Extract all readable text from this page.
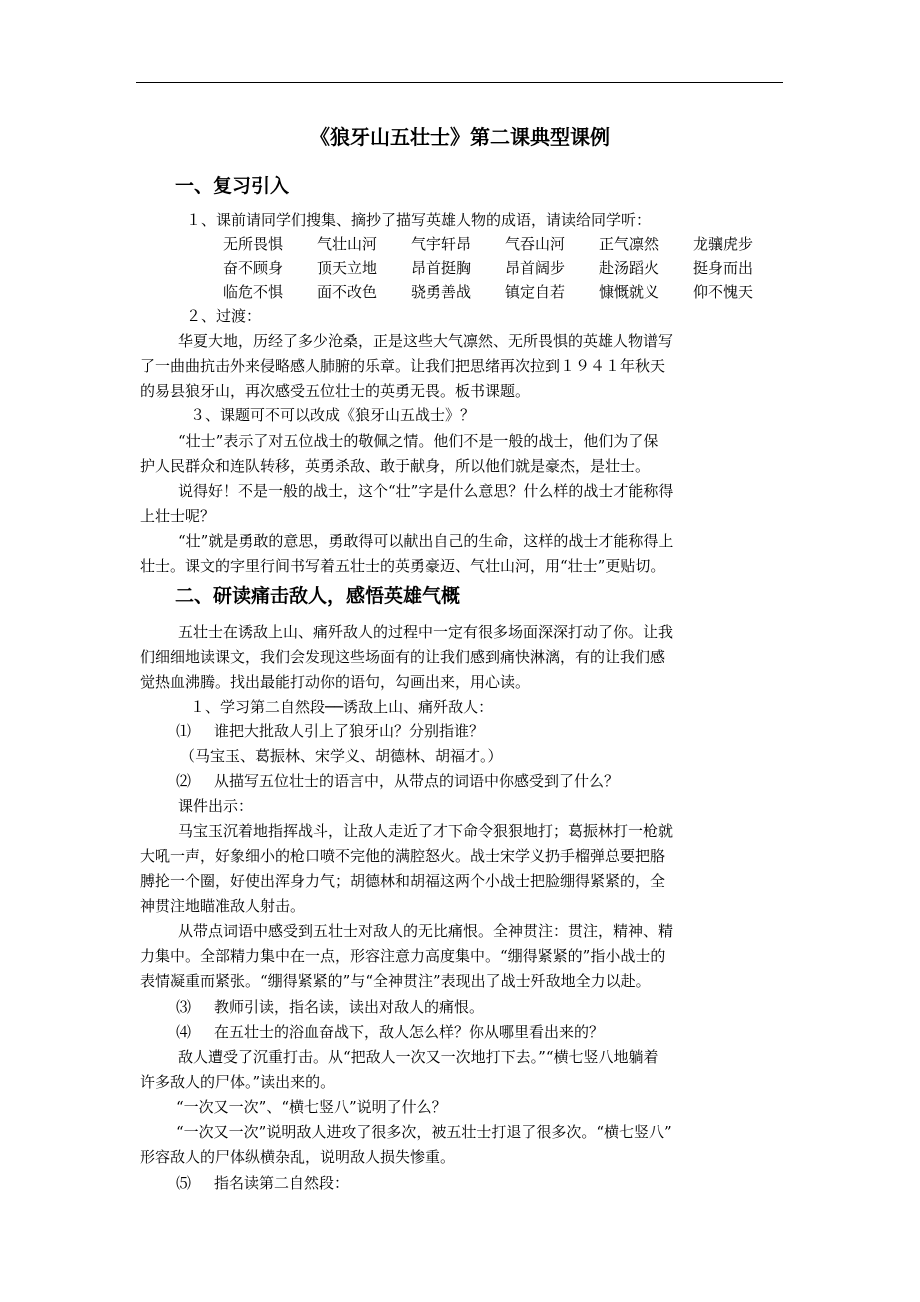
《狼牙山五壮士》第二课典型课例
一、复习引入
１、课前请同学们搜集、摘抄了描写英雄人物的成语，请读给同学听：
无所畏惧 气壮山河 气宇轩昂 气吞山河 正气凛然 龙骧虎步
奋不顾身 顶天立地 昂首挺胸 昂首阔步 赴汤蹈火 挺身而出
临危不惧 面不改色 骁勇善战 镇定自若 慷慨就义 仰不愧天
２、过渡：
华夏大地，历经了多少沧桑，正是这些大气凛然、无所畏惧的英雄人物谱写
了一曲曲抗击外来侵略感人肺腑的乐章。让我们把思绪再次拉到１９４１年秋天
的易县狼牙山，再次感受五位壮士的英勇无畏。板书课题。
３、课题可不可以改成《狼牙山五战士》？
“壮士”表示了对五位战士的敬佩之情。他们不是一般的战士，他们为了保
护人民群众和连队转移，英勇杀敌、敢于献身，所以他们就是豪杰，是壮士。
说得好！不是一般的战士，这个“壮”字是什么意思？什么样的战士才能称得
上壮士呢？
“壮”就是勇敢的意思，勇敢得可以献出自己的生命，这样的战士才能称得上
壮士。课文的字里行间书写着五壮士的英勇豪迈、气壮山河，用“壮士”更贴切。
二、研读痛击敌人，感悟英雄气概
五壮士在诱敌上山、痛歼敌人的过程中一定有很多场面深深打动了你。让我
们细细地读课文，我们会发现这些场面有的让我们感到痛快淋漓，有的让我们感
觉热血沸腾。找出最能打动你的语句，勾画出来，用心读。
１、学习第二自然段──诱敌上山、痛歼敌人：
⑴ 谁把大批敌人引上了狼牙山？分别指谁？
（马宝玉、葛振林、宋学义、胡德林、胡福才。）
⑵ 从描写五位壮士的语言中，从带点的词语中你感受到了什么？
课件出示：
马宝玉沉着地指挥战斗，让敌人走近了才下命令狠狠地打；葛振林打一枪就
大吼一声，好象细小的枪口喷不完他的满腔怒火。战士宋学义扔手榴弹总要把胳
膊抡一个圈，好使出浑身力气；胡德林和胡福这两个小战士把脸绷得紧紧的，全
神贯注地瞄准敌人射击。
从带点词语中感受到五壮士对敌人的无比痛恨。全神贯注：贯注，精神、精
力集中。全部精力集中在一点，形容注意力高度集中。“绷得紧紧的”指小战士的
表情凝重而紧张。“绷得紧紧的”与“全神贯注”表现出了战士歼敌地全力以赴。
⑶ 教师引读，指名读，读出对敌人的痛恨。
⑷ 在五壮士的浴血奋战下，敌人怎么样？你从哪里看出来的？
敌人遭受了沉重打击。从“把敌人一次又一次地打下去。”“横七竖八地躺着
许多敌人的尸体。”读出来的。
“一次又一次”、“横七竖八”说明了什么？
“一次又一次”说明敌人进攻了很多次，被五壮士打退了很多次。“横七竖八”
形容敌人的尸体纵横杂乱，说明敌人损失惨重。
⑸ 指名读第二自然段：
